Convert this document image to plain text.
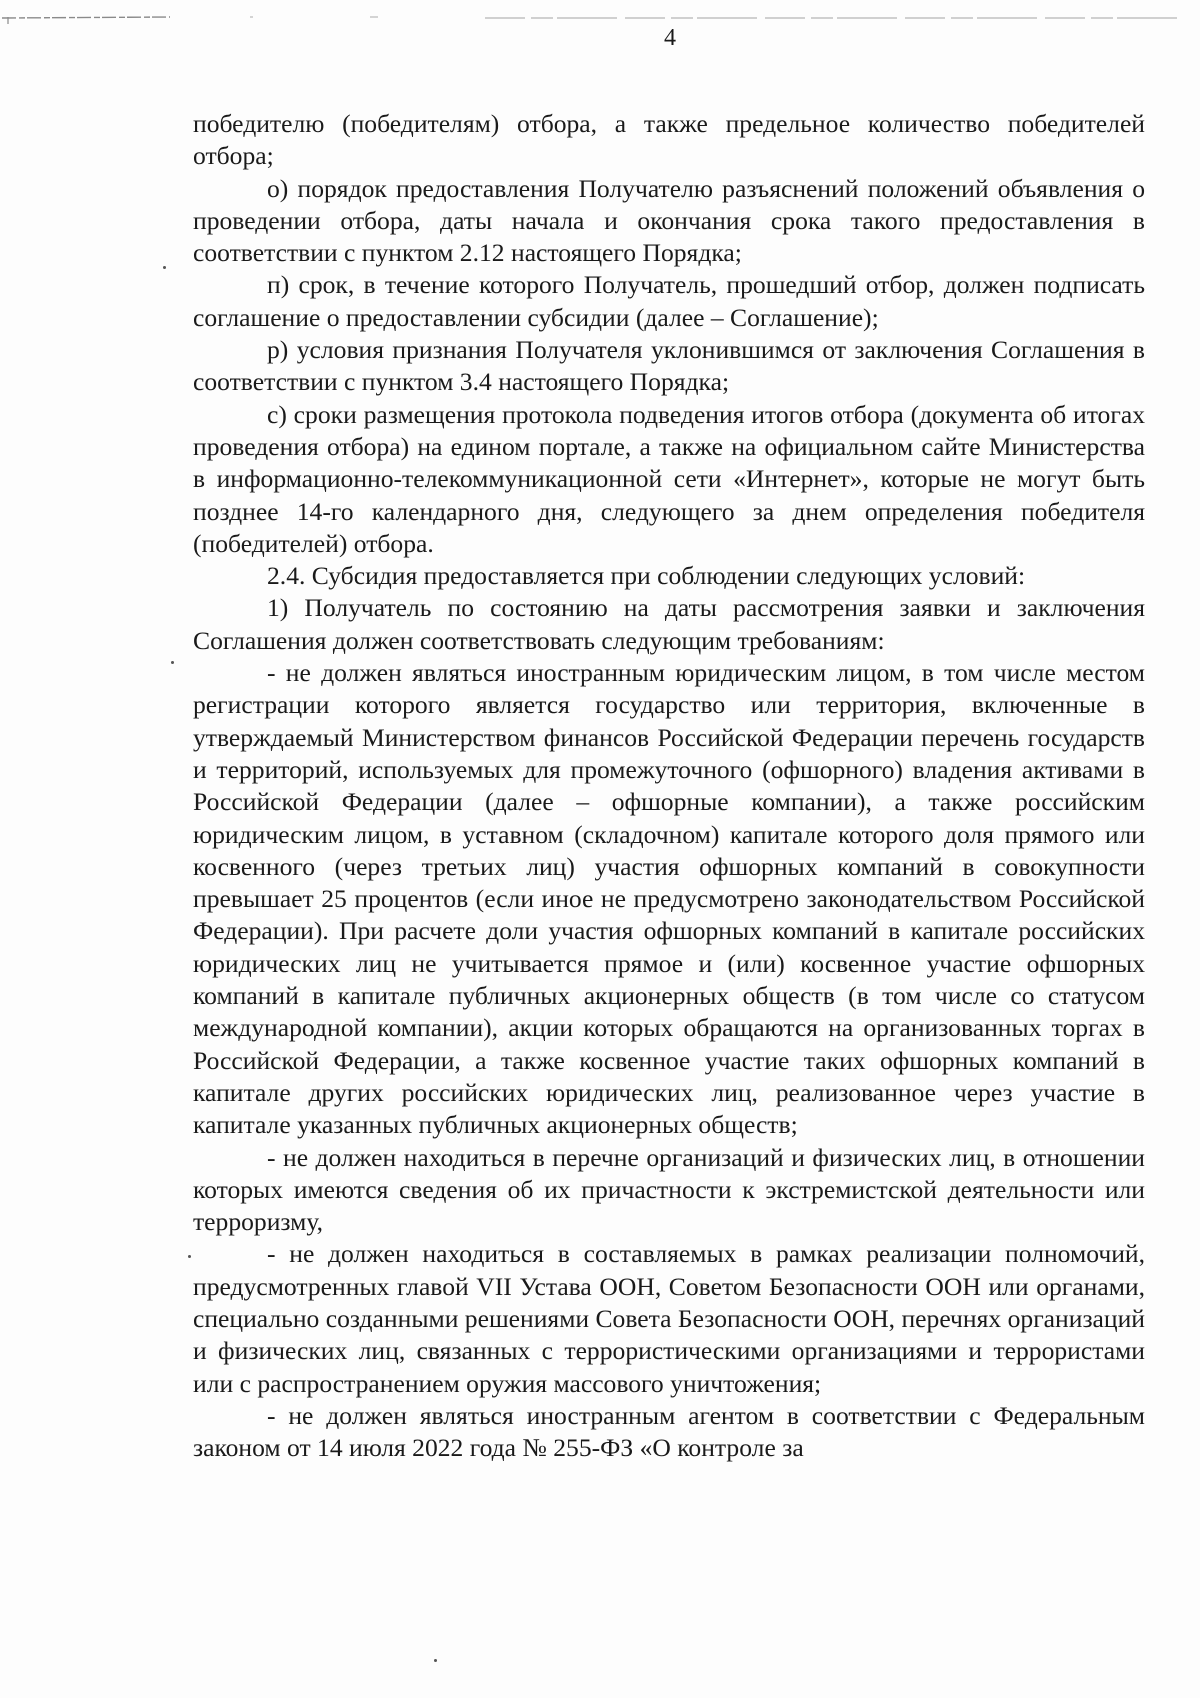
4

победителю (победителям) отбора, а также предельное количество победителей отбора;

о) порядок предоставления Получателю разъяснений положений объявления о проведении отбора, даты начала и окончания срока такого предоставления в соответствии с пунктом 2.12 настоящего Порядка;

п) срок, в течение которого Получатель, прошедший отбор, должен подписать соглашение о предоставлении субсидии (далее – Соглашение);

р) условия признания Получателя уклонившимся от заключения Соглашения в соответствии с пунктом 3.4 настоящего Порядка;

с) сроки размещения протокола подведения итогов отбора (документа об итогах проведения отбора) на едином портале, а также на официальном сайте Министерства в информационно-телекоммуникационной сети «Интернет», которые не могут быть позднее 14-го календарного дня, следующего за днем определения победителя (победителей) отбора.

2.4. Субсидия предоставляется при соблюдении следующих условий:

1) Получатель по состоянию на даты рассмотрения заявки и заключения Соглашения должен соответствовать следующим требованиям:

- не должен являться иностранным юридическим лицом, в том числе местом регистрации которого является государство или территория, включенные в утверждаемый Министерством финансов Российской Федерации перечень государств и территорий, используемых для промежуточного (офшорного) владения активами в Российской Федерации (далее – офшорные компании), а также российским юридическим лицом, в уставном (складочном) капитале которого доля прямого или косвенного (через третьих лиц) участия офшорных компаний в совокупности превышает 25 процентов (если иное не предусмотрено законодательством Российской Федерации). При расчете доли участия офшорных компаний в капитале российских юридических лиц не учитывается прямое и (или) косвенное участие офшорных компаний в капитале публичных акционерных обществ (в том числе со статусом международной компании), акции которых обращаются на организованных торгах в Российской Федерации, а также косвенное участие таких офшорных компаний в капитале других российских юридических лиц, реализованное через участие в капитале указанных публичных акционерных обществ;

- не должен находиться в перечне организаций и физических лиц, в отношении которых имеются сведения об их причастности к экстремистской деятельности или терроризму,

- не должен находиться в составляемых в рамках реализации полномочий, предусмотренных главой VII Устава ООН, Советом Безопасности ООН или органами, специально созданными решениями Совета Безопасности ООН, перечнях организаций и физических лиц, связанных с террористическими организациями и террористами или с распространением оружия массового уничтожения;

- не должен являться иностранным агентом в соответствии с Федеральным законом от 14 июля 2022 года № 255-ФЗ «О контроле за
